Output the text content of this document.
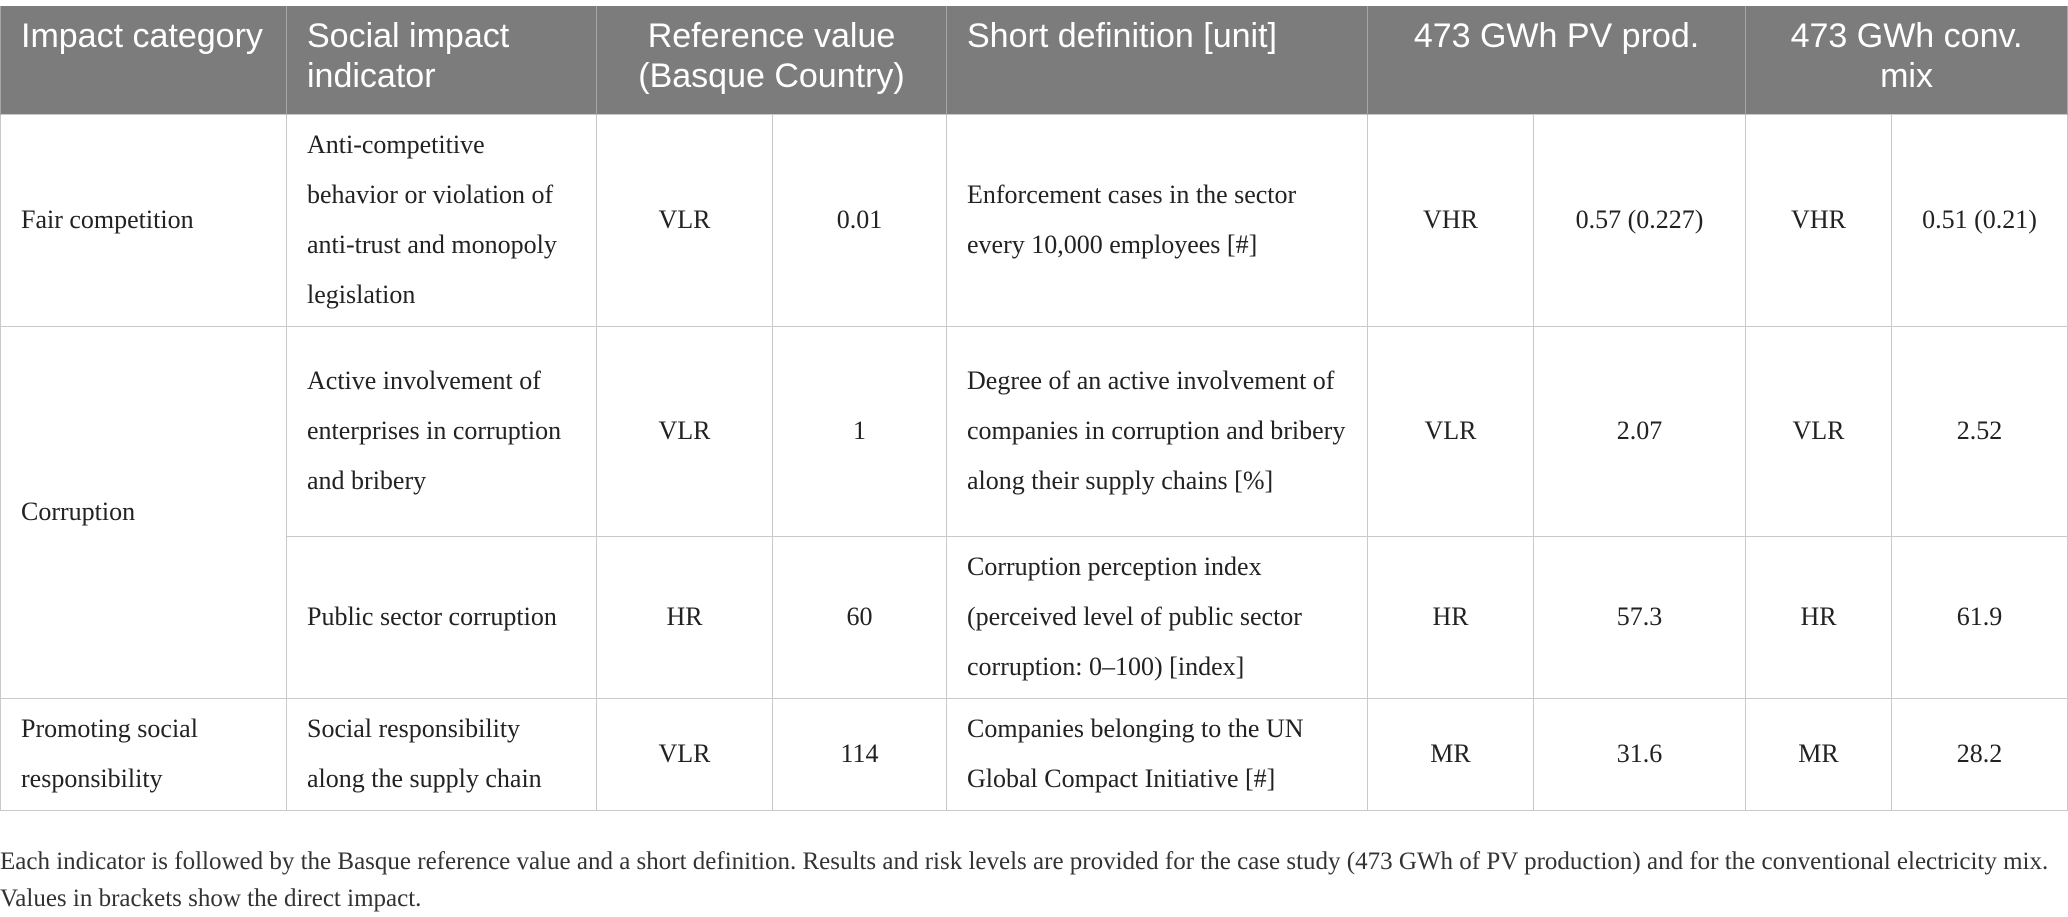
Impact category	Social impact indicator	Reference value (Basque Country)		Short definition [unit]	473 GWh PV prod.		473 GWh conv. mix	
Fair competition	Anti-competitive behavior or violation of anti-trust and monopoly legislation	VLR	0.01	Enforcement cases in the sector every 10,000 employees [#]	VHR	0.57 (0.227)	VHR	0.51 (0.21)
Corruption	Active involvement of enterprises in corruption and bribery	VLR	1	Degree of an active involvement of companies in corruption and bribery along their supply chains [%]	VLR	2.07	VLR	2.52
	Public sector corruption	HR	60	Corruption perception index (perceived level of public sector corruption: 0–100) [index]	HR	57.3	HR	61.9
Promoting social responsibility	Social responsibility along the supply chain	VLR	114	Companies belonging to the UN Global Compact Initiative [#]	MR	31.6	MR	28.2

Each indicator is followed by the Basque reference value and a short definition. Results and risk levels are provided for the case study (473 GWh of PV production) and for the conventional electricity mix. Values in brackets show the direct impact.
